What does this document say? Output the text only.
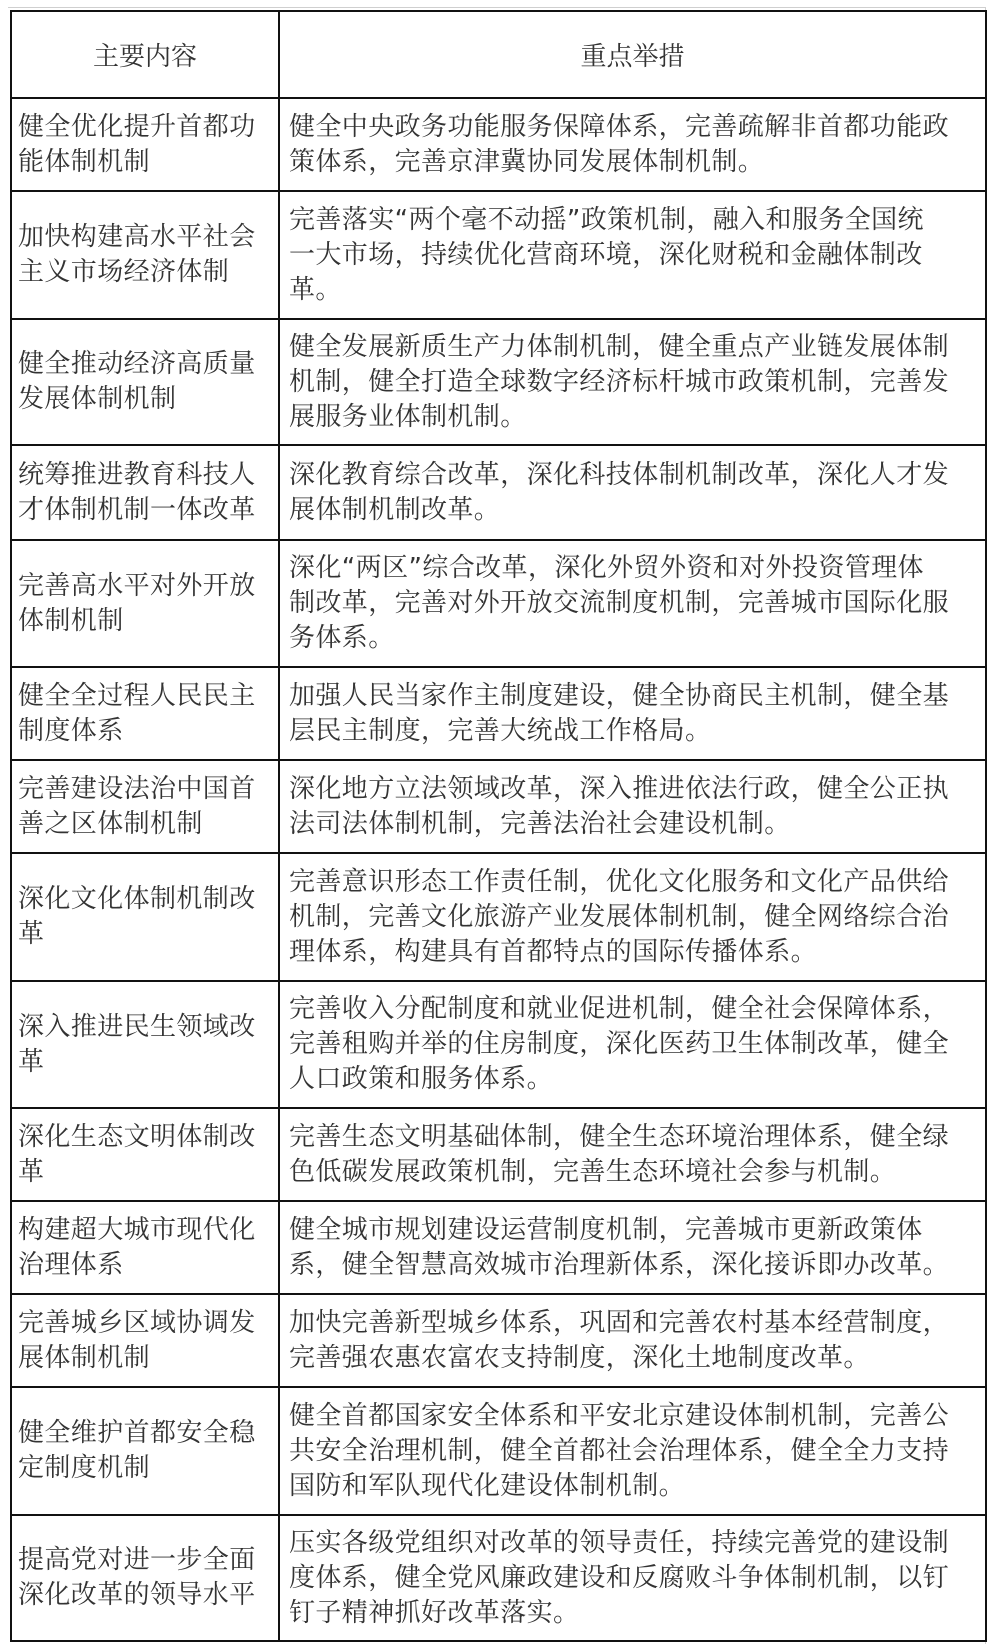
主要内容	重点举措

健全优化提升首都功
能体制机制	健全中央政务功能服务保障体系，完善疏解非首都功能政
策体系，完善京津冀协同发展体制机制。

加快构建高水平社会
主义市场经济体制	完善落实“两个毫不动摇”政策机制，融入和服务全国统
一大市场，持续优化营商环境，深化财税和金融体制改
革。

健全推动经济高质量
发展体制机制	健全发展新质生产力体制机制，健全重点产业链发展体制
机制，健全打造全球数字经济标杆城市政策机制，完善发
展服务业体制机制。

统筹推进教育科技人
才体制机制一体改革	深化教育综合改革，深化科技体制机制改革，深化人才发
展体制机制改革。

完善高水平对外开放
体制机制	深化“两区”综合改革，深化外贸外资和对外投资管理体
制改革，完善对外开放交流制度机制，完善城市国际化服
务体系。

健全全过程人民民主
制度体系	加强人民当家作主制度建设，健全协商民主机制，健全基
层民主制度，完善大统战工作格局。

完善建设法治中国首
善之区体制机制	深化地方立法领域改革，深入推进依法行政，健全公正执
法司法体制机制，完善法治社会建设机制。

深化文化体制机制改
革	完善意识形态工作责任制，优化文化服务和文化产品供给
机制，完善文化旅游产业发展体制机制，健全网络综合治
理体系，构建具有首都特点的国际传播体系。

深入推进民生领域改
革	完善收入分配制度和就业促进机制，健全社会保障体系，
完善租购并举的住房制度，深化医药卫生体制改革，健全
人口政策和服务体系。

深化生态文明体制改
革	完善生态文明基础体制，健全生态环境治理体系，健全绿
色低碳发展政策机制，完善生态环境社会参与机制。

构建超大城市现代化
治理体系	健全城市规划建设运营制度机制，完善城市更新政策体
系，健全智慧高效城市治理新体系，深化接诉即办改革。

完善城乡区域协调发
展体制机制	加快完善新型城乡体系，巩固和完善农村基本经营制度，
完善强农惠农富农支持制度，深化土地制度改革。

健全维护首都安全稳
定制度机制	健全首都国家安全体系和平安北京建设体制机制，完善公
共安全治理机制，健全首都社会治理体系，健全全力支持
国防和军队现代化建设体制机制。

提高党对进一步全面
深化改革的领导水平	压实各级党组织对改革的领导责任，持续完善党的建设制
度体系，健全党风廉政建设和反腐败斗争体制机制，以钉
钉子精神抓好改革落实。
